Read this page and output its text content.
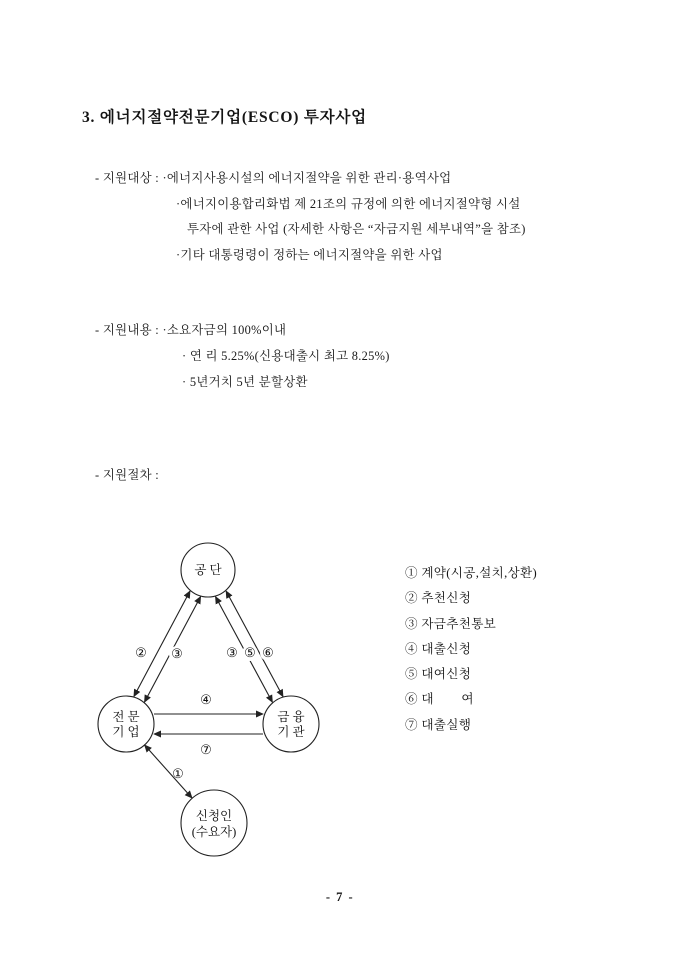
3. 에너지절약전문기업(ESCO) 투자사업
- 지원대상 : ·에너지사용시설의 에너지절약을 위한 관리·용역사업
·에너지이용합리화법 제 21조의 규정에 의한 에너지절약형 시설
투자에 관한 사업 (자세한 사항은 “자금지원 세부내역”을 참조)
·기타 대통령령이 정하는 에너지절약을 위한 사업
- 지원내용 : ·소요자금의 100%이내
· 연 리 5.25%(신용대출시 최고 8.25%)
· 5년거치 5년 분할상환
- 지원절차 :
공 단
전 문
기 업
금 융
기 관
신청인
(수요자)
② ③	③ ⑤ ⑥
④
⑦
①
① 계약(시공,설치,상환)
② 추천신청
③ 자금추천통보
④ 대출신청
⑤ 대여신청
⑥ 대        여
⑦ 대출실행
- 7 -
